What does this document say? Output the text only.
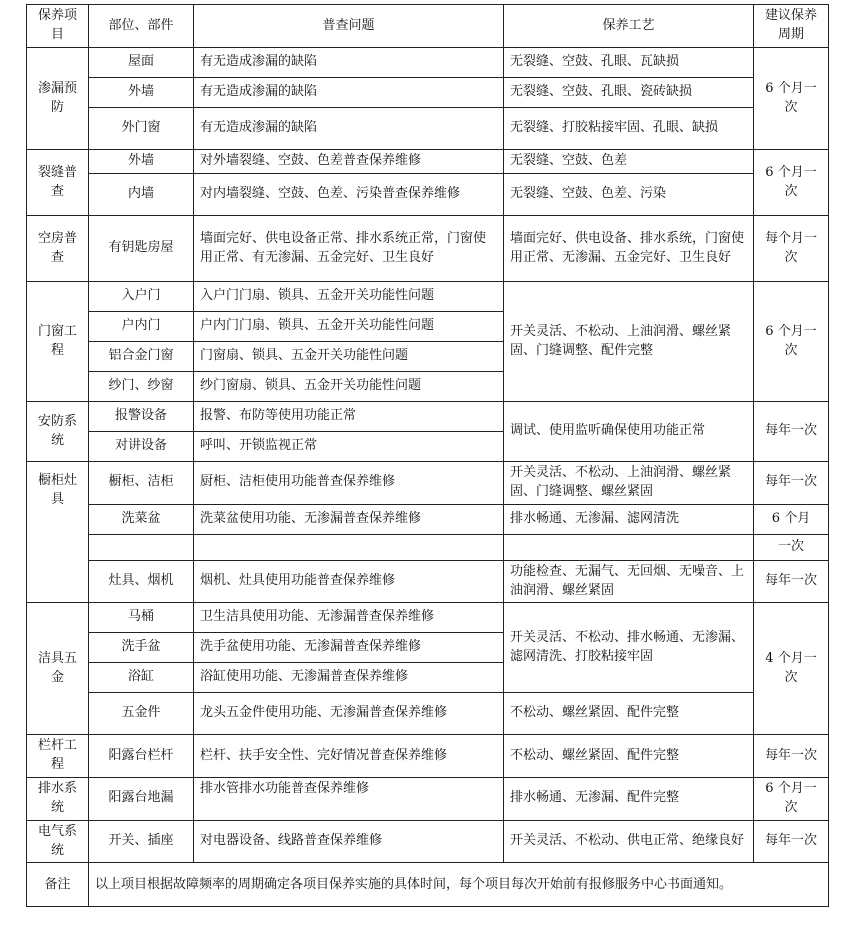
保养项目	部位、部件	普查问题	保养工艺	建议保养周期
渗漏预防	屋面	有无造成渗漏的缺陷	无裂缝、空鼓、孔眼、瓦缺损	6 个月一次
	外墙	有无造成渗漏的缺陷	无裂缝、空鼓、孔眼、瓷砖缺损	
	外门窗	有无造成渗漏的缺陷	无裂缝、打胶粘接牢固、孔眼、缺损	
裂缝普查	外墙	对外墙裂缝、空鼓、色差普查保养维修	无裂缝、空鼓、色差	6 个月一次
	内墙	对内墙裂缝、空鼓、色差、污染普查保养维修	无裂缝、空鼓、色差、污染	
空房普查	有钥匙房屋	墙面完好、供电设备正常、排水系统正常，门窗使用正常、有无渗漏、五金完好、卫生良好	墙面完好、供电设备、排水系统，门窗使用正常、无渗漏、五金完好、卫生良好	每个月一次
门窗工程	入户门	入户门门扇、锁具、五金开关功能性问题	开关灵活、不松动、上油润滑、螺丝紧固、门缝调整、配件完整	6 个月一次
	户内门	户内门门扇、锁具、五金开关功能性问题		
	铝合金门窗	门窗扇、锁具、五金开关功能性问题		
	纱门、纱窗	纱门窗扇、锁具、五金开关功能性问题		
安防系统	报警设备	报警、布防等使用功能正常	调试、使用监听确保使用功能正常	每年一次
	对讲设备	呼叫、开锁监视正常		
橱柜灶具	橱柜、洁柜	厨柜、洁柜使用功能普查保养维修	开关灵活、不松动、上油润滑、螺丝紧固、门缝调整、螺丝紧固	每年一次
	洗菜盆	洗菜盆使用功能、无渗漏普查保养维修	排水畅通、无渗漏、滤网清洗	6 个月
				一次
	灶具、烟机	烟机、灶具使用功能普查保养维修	功能检查、无漏气、无回烟、无噪音、上油润滑、螺丝紧固	每年一次
洁具五金	马桶	卫生洁具使用功能、无渗漏普查保养维修	开关灵活、不松动、排水畅通、无渗漏、滤网清洗、打胶粘接牢固	4 个月一次
	洗手盆	洗手盆使用功能、无渗漏普查保养维修		
	浴缸	浴缸使用功能、无渗漏普查保养维修		
	五金件	龙头五金件使用功能、无渗漏普查保养维修	不松动、螺丝紧固、配件完整	
栏杆工程	阳露台栏杆	栏杆、扶手安全性、完好情况普查保养维修	不松动、螺丝紧固、配件完整	每年一次
排水系统	阳露台地漏	排水管排水功能普查保养维修	排水畅通、无渗漏、配件完整	6 个月一次
电气系统	开关、插座	对电器设备、线路普查保养维修	开关灵活、不松动、供电正常、绝缘良好	每年一次
备注	以上项目根据故障频率的周期确定各项目保养实施的具体时间，每个项目每次开始前有报修服务中心书面通知。			
